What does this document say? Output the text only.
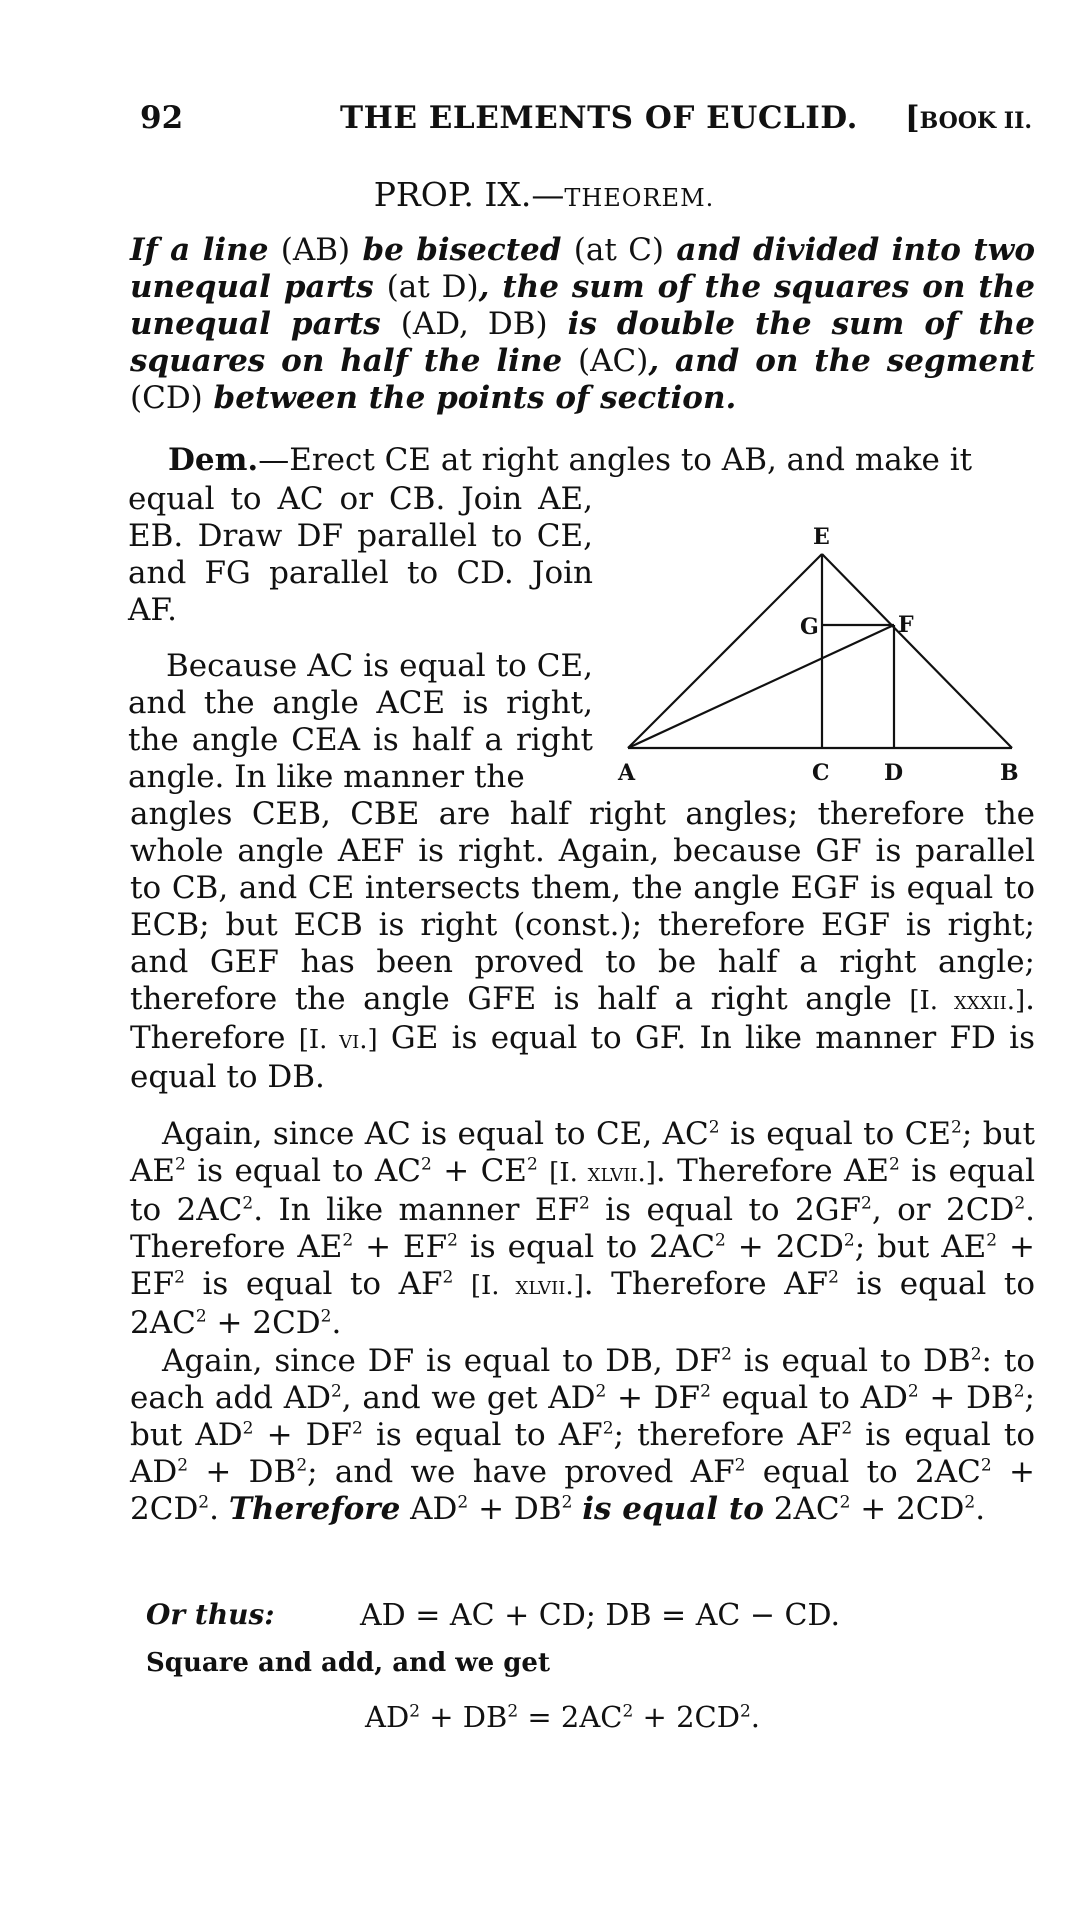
92	THE ELEMENTS OF EUCLID. [BOOK II.
PROP. IX.—THEOREM.
If a line (AB) be bisected (at C) and divided into two unequal parts (at D), the sum of the squares on the unequal parts (AD, DB) is double the sum of the squares on half the line (AC), and on the segment (CD) between the points of section.
Dem.—Erect CE at right angles to AB, and make it
equal to AC or CB. Join AE, EB. Draw DF parallel to CE, and FG parallel to CD. Join AF.
Because AC is equal to CE, and the angle ACE is right, the angle CEA is half a right angle. In like manner the
E
G	F
A	C D	B
angles CEB, CBE are half right angles; therefore the whole angle AEF is right. Again, because GF is parallel to CB, and CE intersects them, the angle EGF is equal to ECB; but ECB is right (const.); therefore EGF is right; and GEF has been proved to be half a right angle; therefore the angle GFE is half a right angle [I. xxxii.]. Therefore [I. vi.] GE is equal to GF. In like manner FD is equal to DB.
Again, since AC is equal to CE, $AC^2$ is equal to $CE^2$; but $AE^2$ is equal to $AC^2 + CE^2$ [I. xlvii.]. Therefore $AE^2$ is equal to $2AC^2$. In like manner $EF^2$ is equal to $2GF^2$, or $2CD^2$. Therefore $AE^2 + EF^2$ is equal to $2AC^2 + 2CD^2$; but $AE^2 + EF^2$ is equal to $AF^2$ [I. xlvii.]. Therefore $AF^2$ is equal to $2AC^2 + 2CD^2$.
Again, since DF is equal to DB, $DF^2$ is equal to $DB^2$: to each add $AD^2$, and we get $AD^2 + DF^2$ equal to $AD^2 + DB^2$; but $AD^2 + DF^2$ is equal to $AF^2$; therefore $AF^2$ is equal to $AD^2 + DB^2$; and we have proved $AF^2$ equal to $2AC^2 + 2CD^2$. Therefore $AD^2 + DB^2$ is equal to $2AC^2 + 2CD^2$.
Or thus:	AD = AC + CD; DB = AC − CD.
Square and add, and we get
$AD^2 + DB^2 = 2AC^2 + 2CD^2$.
